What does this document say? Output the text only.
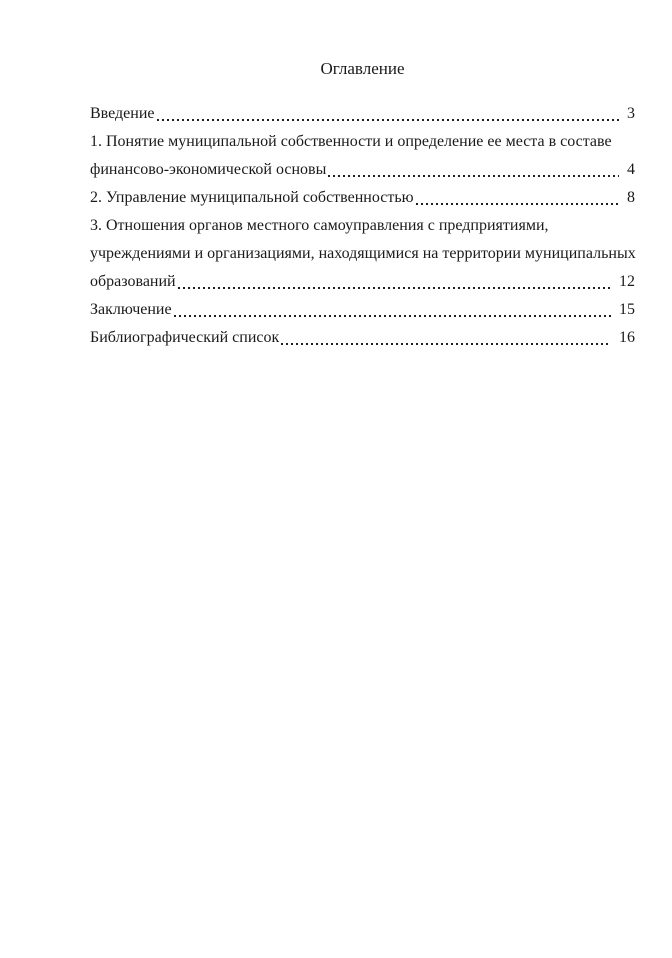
Оглавление
Введение	3
1. Понятие муниципальной собственности и определение ее места в составе
финансово-экономической основы	4
2. Управление муниципальной собственностью	8
3. Отношения органов местного самоуправления с предприятиями,
учреждениями и организациями, находящимися на территории муниципальных
образований	12
Заключение	15
Библиографический список	16
